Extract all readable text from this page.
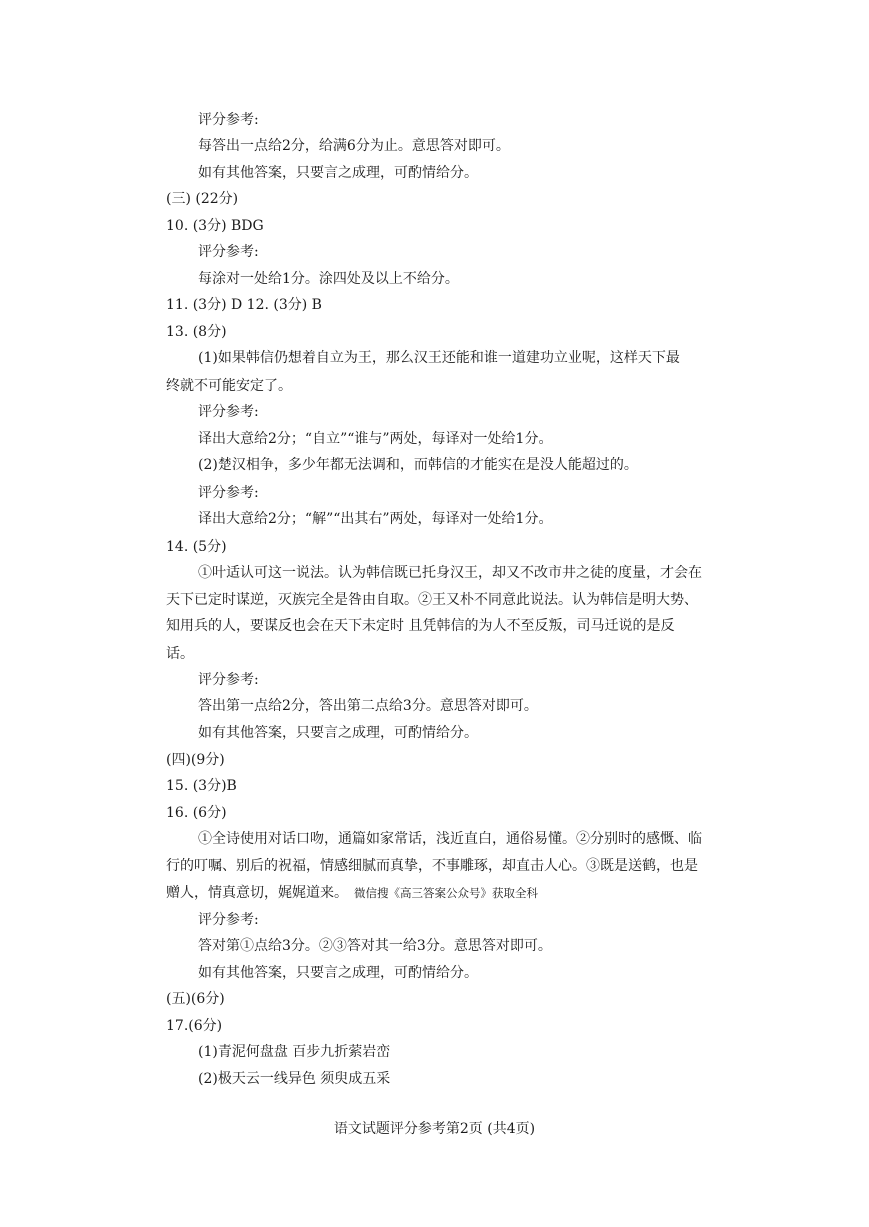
评分参考:
每答出一点给2分，给满6分为止。意思答对即可。
如有其他答案，只要言之成理，可酌情给分。
(三) (22分)
10. (3分) BDG
评分参考:
每涂对一处给1分。涂四处及以上不给分。
11. (3分) D 12. (3分) B
13. (8分)
(1)如果韩信仍想着自立为王，那么汉王还能和谁一道建功立业呢，这样天下最
终就不可能安定了。
评分参考:
译出大意给2分；“自立”“谁与”两处，每译对一处给1分。
(2)楚汉相争，多少年都无法调和，而韩信的才能实在是没人能超过的。
评分参考:
译出大意给2分；“解”“出其右”两处，每译对一处给1分。
14. (5分)
①叶适认可这一说法。认为韩信既已托身汉王，却又不改市井之徒的度量，才会在
天下已定时谋逆，灭族完全是咎由自取。②王又朴不同意此说法。认为韩信是明大势、
知用兵的人，要谋反也会在天下未定时 且凭韩信的为人不至反叛，司马迁说的是反
话。
评分参考:
答出第一点给2分，答出第二点给3分。意思答对即可。
如有其他答案，只要言之成理，可酌情给分。
(四)(9分)
15. (3分)B
16. (6分)
①全诗使用对话口吻，通篇如家常话，浅近直白，通俗易懂。②分别时的感慨、临
行的叮嘱、别后的祝福，情感细腻而真挚，不事雕琢，却直击人心。③既是送鹤，也是
赠人，情真意切，娓娓道来。 微信搜《高三答案公众号》获取全科
评分参考:
答对第①点给3分。②③答对其一给3分。意思答对即可。
如有其他答案，只要言之成理，可酌情给分。
(五)(6分)
17.(6分)
(1)青泥何盘盘 百步九折萦岩峦
(2)极天云一线异色 须臾成五采
语文试题评分参考第2页 (共4页)
